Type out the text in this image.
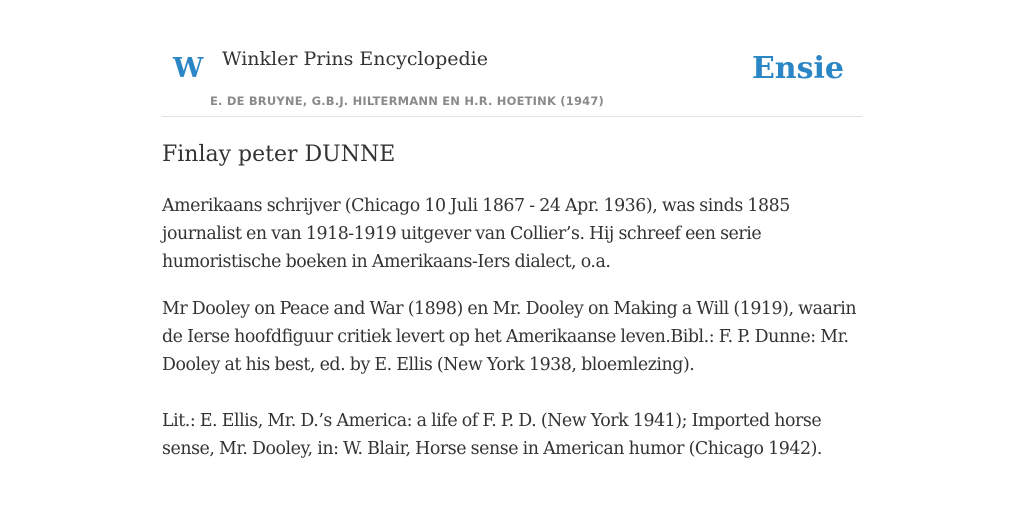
W Winkler Prins Encyclopedie
E. DE BRUYNE, G.B.J. HILTERMANN EN H.R. HOETINK (1947)
Ensie
Finlay peter DUNNE

Amerikaans schrijver (Chicago 10 Juli 1867 - 24 Apr. 1936), was sinds 1885 journalist en van 1918-1919 uitgever van Collier’s. Hij schreef een serie humoristische boeken in Amerikaans-Iers dialect, o.a.

Mr Dooley on Peace and War (1898) en Mr. Dooley on Making a Will (1919), waarin de Ierse hoofdfiguur critiek levert op het Amerikaanse leven.Bibl.: F. P. Dunne: Mr. Dooley at his best, ed. by E. Ellis (New York 1938, bloemlezing).

Lit.: E. Ellis, Mr. D.’s America: a life of F. P. D. (New York 1941); Imported horse sense, Mr. Dooley, in: W. Blair, Horse sense in American humor (Chicago 1942).
